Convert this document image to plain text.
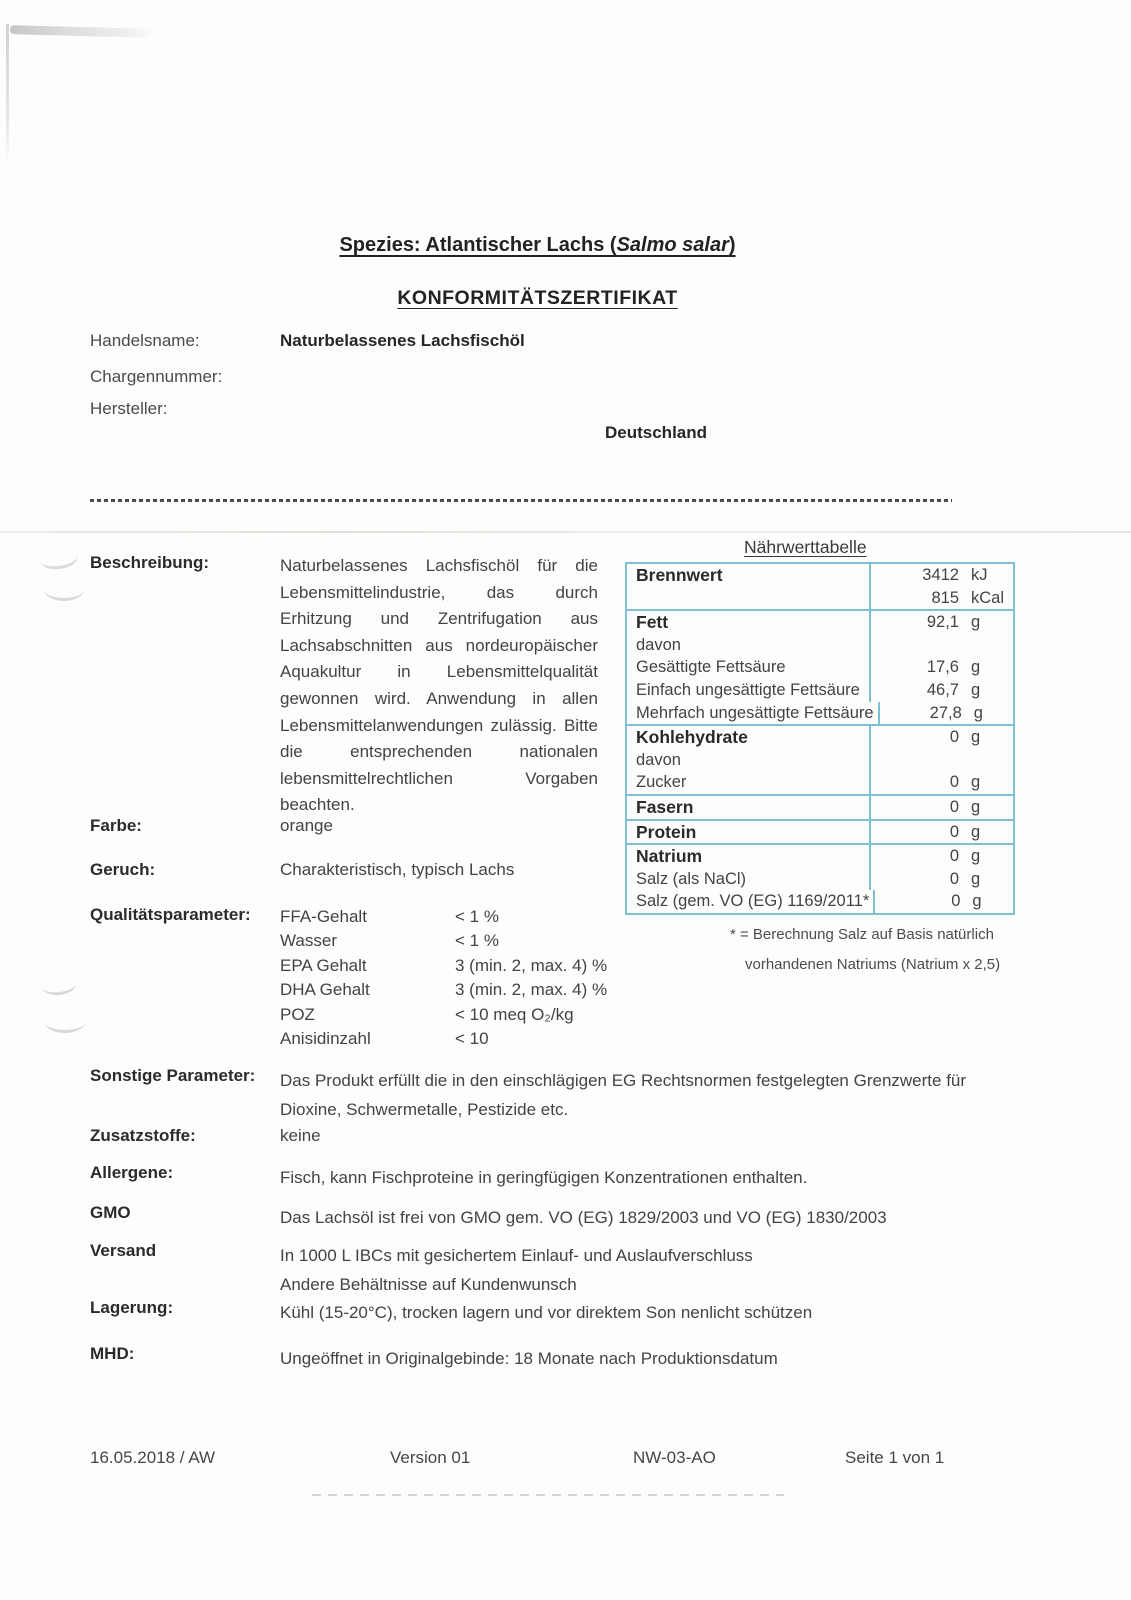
Spezies: Atlantischer Lachs (Salmo salar)
KONFORMITÄTSZERTIFIKAT
Handelsname:	Naturbelassenes Lachsfischöl
Chargennummer:
Hersteller:
Deutschland
Nährwerttabelle
Brennwert	3412 kJ
815 kCal
Fett	92,1 g
davon
Gesättigte Fettsäure	17,6 g
Einfach ungesättigte Fettsäure	46,7 g
Mehrfach ungesättigte Fettsäure	27,8 g
Kohlehydrate	0 g
davon
Zucker	0 g
Fasern	0 g
Protein	0 g
Natrium	0 g
Salz (als NaCl)	0 g
Salz (gem. VO (EG) 1169/2011*	0 g
* = Berechnung Salz auf Basis natürlich
vorhandenen Natriums (Natrium x 2,5)
Beschreibung:	Naturbelassenes Lachsfischöl für die Lebensmittelindustrie, das durch Erhitzung und Zentrifugation aus Lachsabschnitten aus nordeuropäischer Aquakultur in Lebensmittelqualität gewonnen wird. Anwendung in allen Lebensmittelanwendungen zulässig. Bitte die entsprechenden nationalen lebensmittelrechtlichen Vorgaben beachten.
Farbe:	orange
Geruch:	Charakteristisch, typisch Lachs
Qualitätsparameter: FFA-Gehalt	< 1 %
Wasser	< 1 %
EPA Gehalt	3 (min. 2, max. 4) %
DHA Gehalt	3 (min. 2, max. 4) %
POZ	< 10 meq O₂/kg
Anisidinzahl	< 10
Sonstige Parameter: Das Produkt erfüllt die in den einschlägigen EG Rechtsnormen festgelegten Grenzwerte für Dioxine, Schwermetalle, Pestizide etc.
Zusatzstoffe:	keine
Allergene:	Fisch, kann Fischproteine in geringfügigen Konzentrationen enthalten.
GMO	Das Lachsöl ist frei von GMO gem. VO (EG) 1829/2003 und VO (EG) 1830/2003
Versand	In 1000 L IBCs mit gesichertem Einlauf- und Auslaufverschluss
Andere Behältnisse auf Kundenwunsch
Lagerung:	Kühl (15-20°C), trocken lagern und vor direktem Son nenlicht schützen
MHD:	Ungeöffnet in Originalgebinde: 18 Monate nach Produktionsdatum
16.05.2018 / AW	Version 01	NW-03-AO	Seite 1 von 1
